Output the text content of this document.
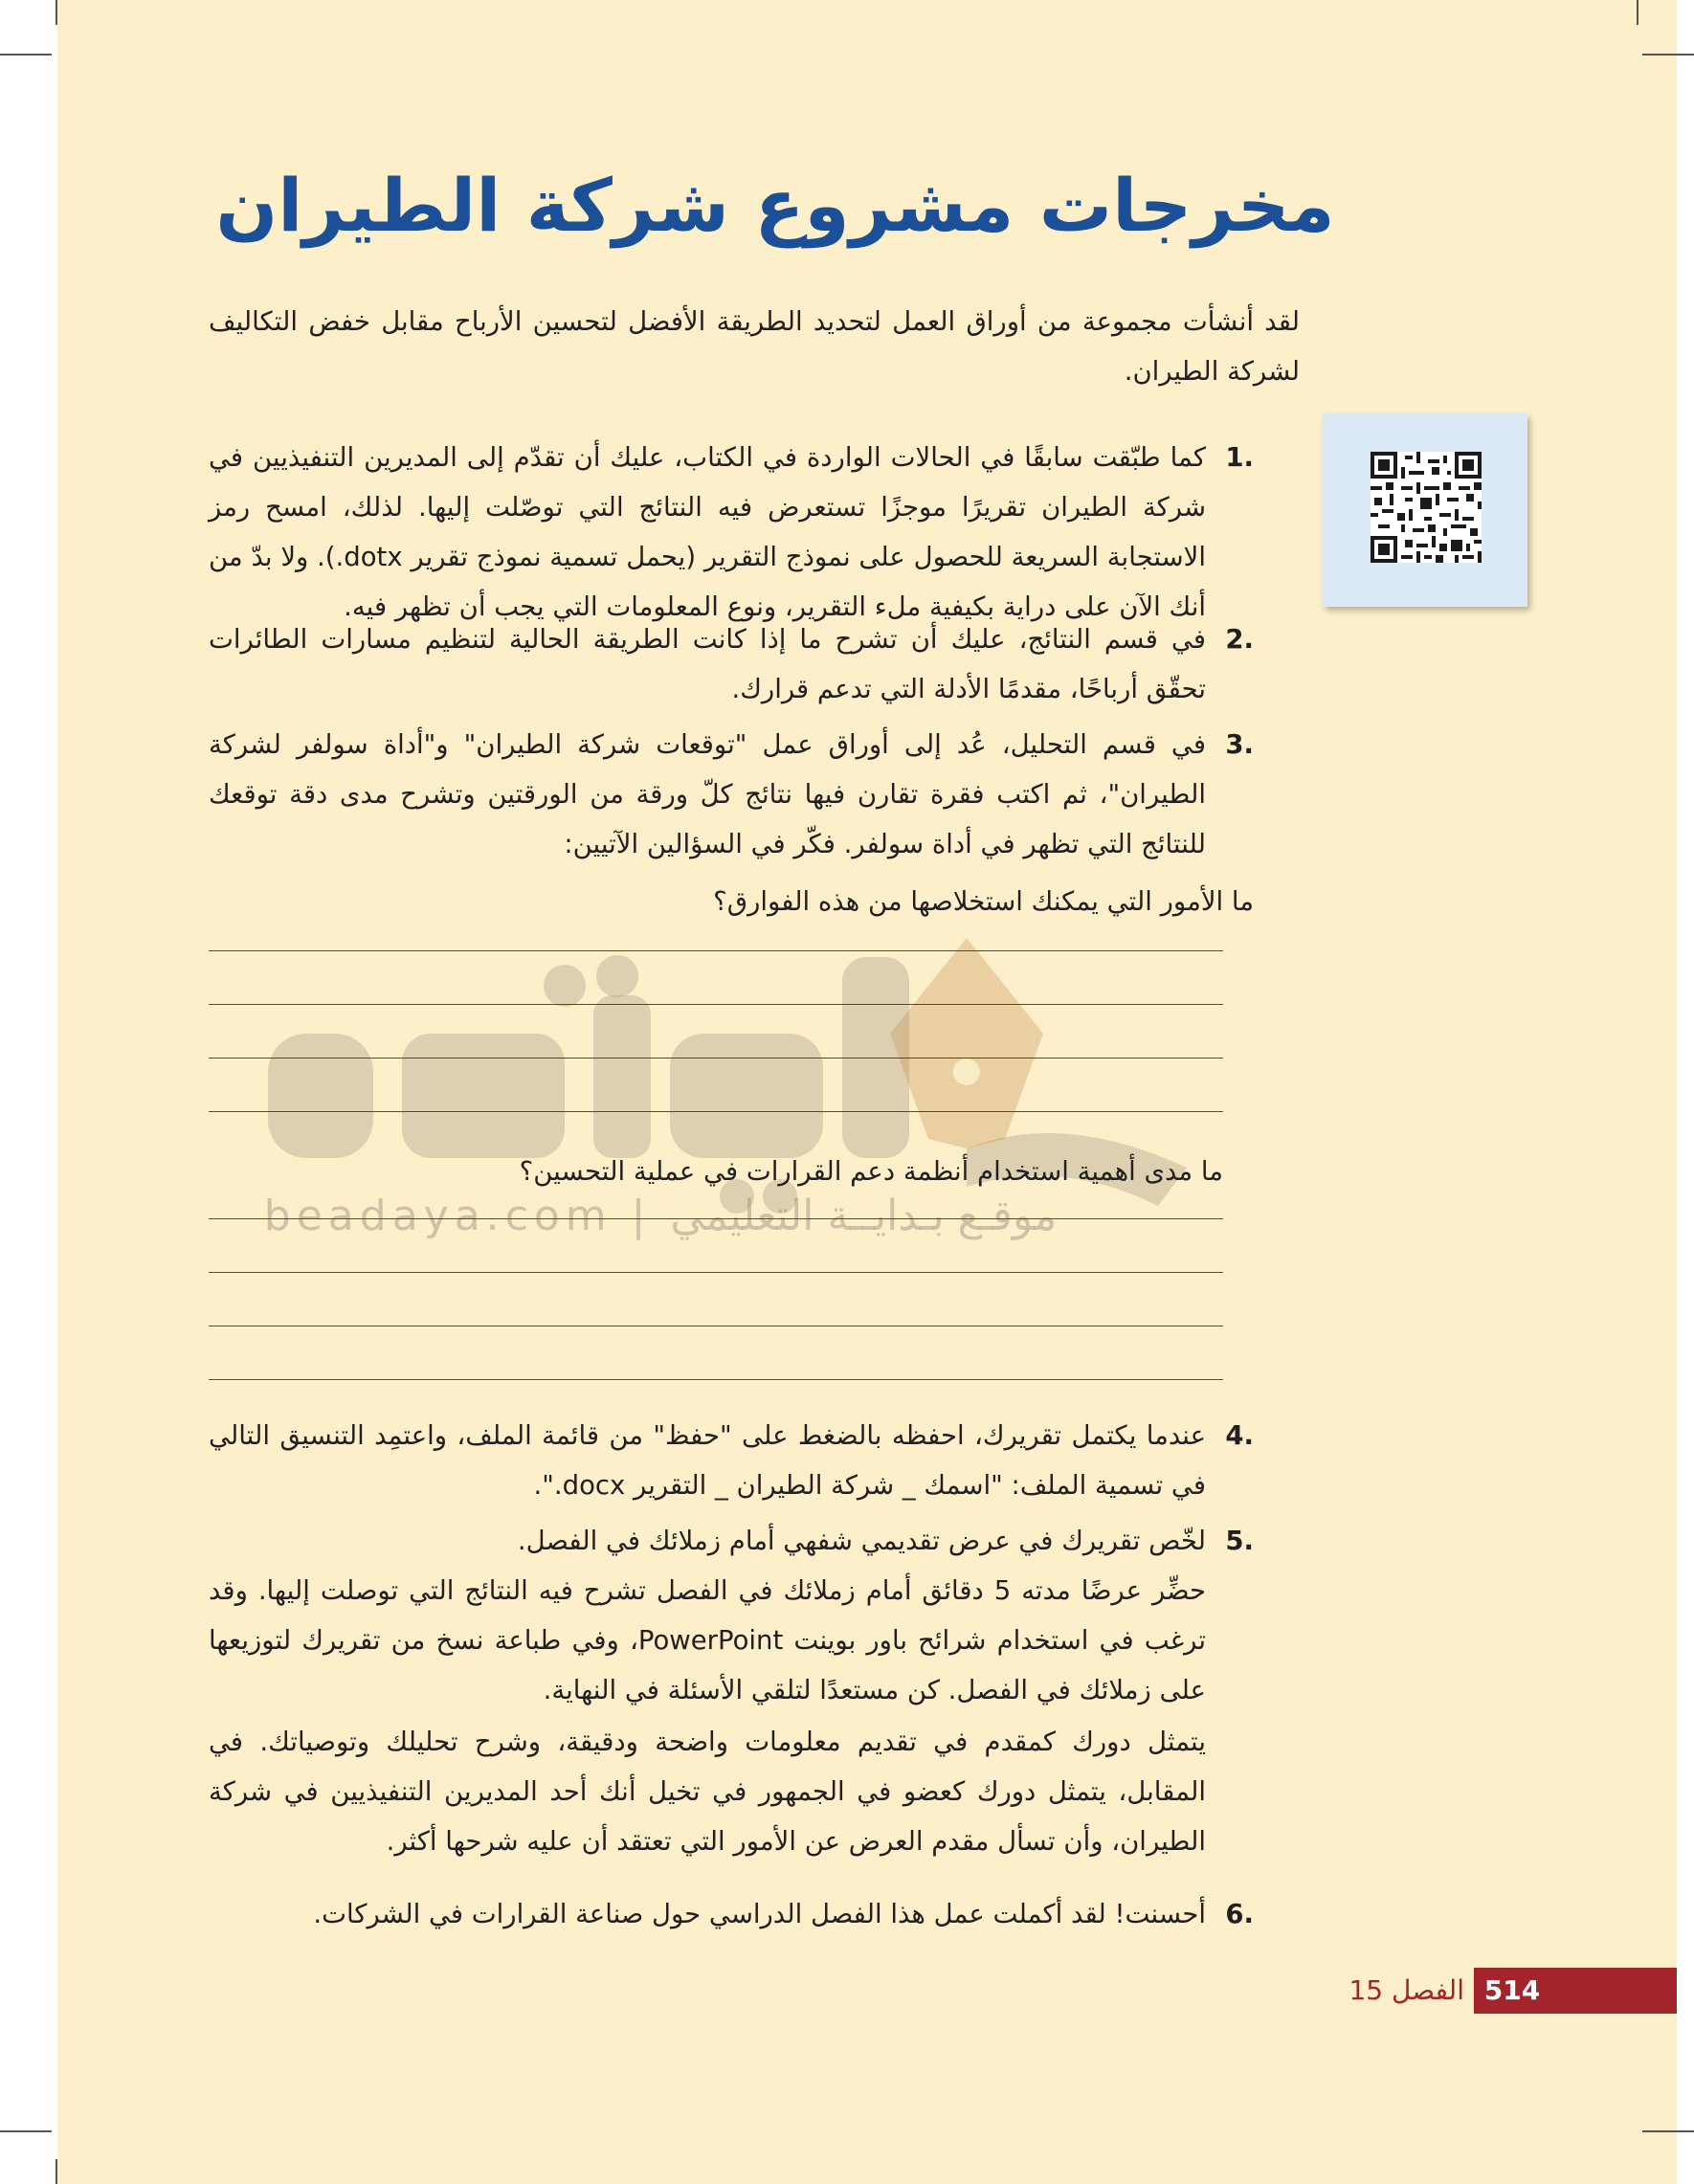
beadaya.com | موقـع بـدايــة التعليمي
مخرجات مشروع شركة الطيران
لقد أنشأت مجموعة من أوراق العمل لتحديد الطريقة الأفضل لتحسين الأرباح مقابل خفض التكاليف لشركة الطيران.
.1
كما طبّقت سابقًا في الحالات الواردة في الكتاب، عليك أن تقدّم إلى المديرين التنفيذيين في شركة الطيران تقريرًا موجزًا تستعرض فيه النتائج التي توصّلت إليها. لذلك، امسح رمز الاستجابة السريعة للحصول على نموذج التقرير (يحمل تسمية نموذج تقرير dotx.). ولا بدّ من أنك الآن على دراية بكيفية ملء التقرير، ونوع المعلومات التي يجب أن تظهر فيه.
.2
في قسم النتائج، عليك أن تشرح ما إذا كانت الطريقة الحالية لتنظيم مسارات الطائرات تحقّق أرباحًا، مقدمًا الأدلة التي تدعم قرارك.
.3
في قسم التحليل، عُد إلى أوراق عمل "توقعات شركة الطيران" و"أداة سولفر لشركة الطيران"، ثم اكتب فقرة تقارن فيها نتائج كلّ ورقة من الورقتين وتشرح مدى دقة توقعك للنتائج التي تظهر في أداة سولفر. فكّر في السؤالين الآتيين:
ما الأمور التي يمكنك استخلاصها من هذه الفوارق؟
ما مدى أهمية استخدام أنظمة دعم القرارات في عملية التحسين؟
.4
عندما يكتمل تقريرك، احفظه بالضغط على "حفظ" من قائمة الملف، واعتمِد التنسيق التالي في تسمية الملف: "اسمك _ شركة الطيران _ التقرير docx.".
.5
لخّص تقريرك في عرض تقديمي شفهي أمام زملائك في الفصل.
حضِّر عرضًا مدته 5 دقائق أمام زملائك في الفصل تشرح فيه النتائج التي توصلت إليها. وقد ترغب في استخدام شرائح باور بوينت PowerPoint، وفي طباعة نسخ من تقريرك لتوزيعها على زملائك في الفصل. كن مستعدًا لتلقي الأسئلة في النهاية.
يتمثل دورك كمقدم في تقديم معلومات واضحة ودقيقة، وشرح تحليلك وتوصياتك. في المقابل، يتمثل دورك كعضو في الجمهور في تخيل أنك أحد المديرين التنفيذيين في شركة الطيران، وأن تسأل مقدم العرض عن الأمور التي تعتقد أن عليه شرحها أكثر.
.6
أحسنت! لقد أكملت عمل هذا الفصل الدراسي حول صناعة القرارات في الشركات.
514
الفصل 15
